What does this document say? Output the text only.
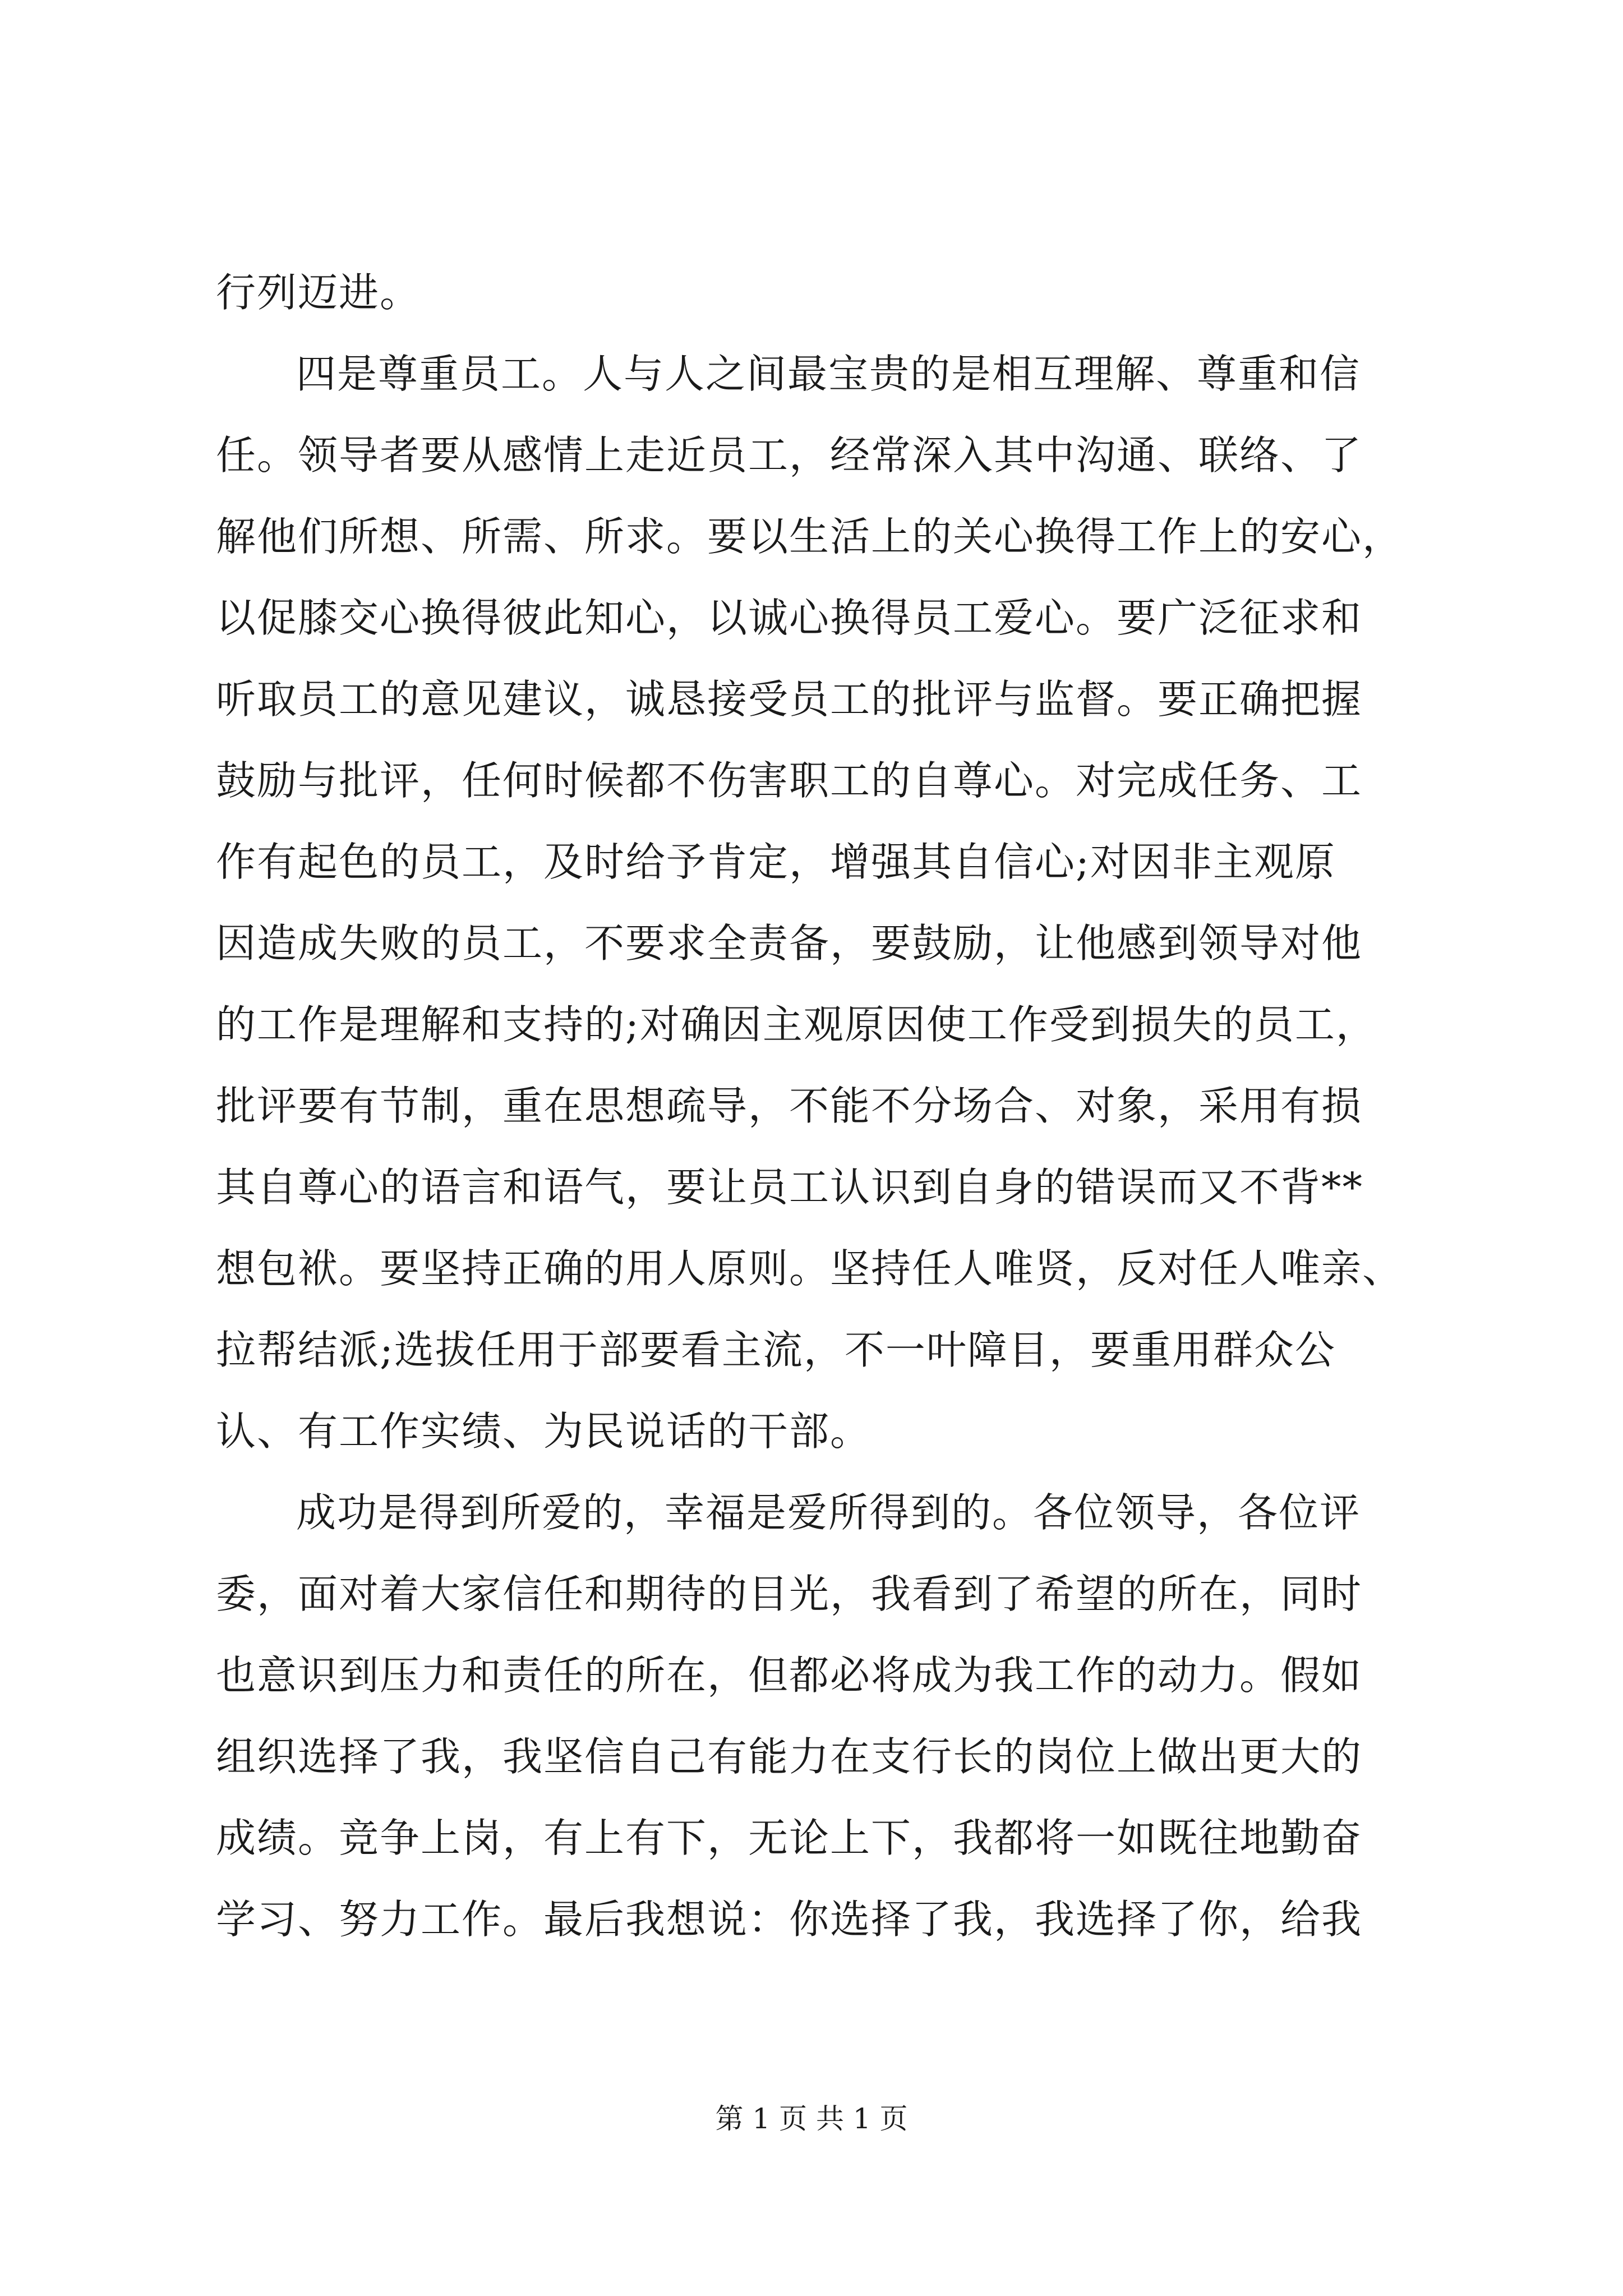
行列迈进。
四是尊重员工。人与人之间最宝贵的是相互理解、尊重和信
任。领导者要从感情上走近员工，经常深入其中沟通、联络、了
解他们所想、所需、所求。要以生活上的关心换得工作上的安心，
以促膝交心换得彼此知心，以诚心换得员工爱心。要广泛征求和
听取员工的意见建议，诚恳接受员工的批评与监督。要正确把握
鼓励与批评，任何时候都不伤害职工的自尊心。对完成任务、工
作有起色的员工，及时给予肯定，增强其自信心;对因非主观原
因造成失败的员工，不要求全责备，要鼓励，让他感到领导对他
的工作是理解和支持的;对确因主观原因使工作受到损失的员工，
批评要有节制，重在思想疏导，不能不分场合、对象，采用有损
其自尊心的语言和语气，要让员工认识到自身的错误而又不背**
想包袱。要坚持正确的用人原则。坚持任人唯贤，反对任人唯亲、
拉帮结派;选拔任用于部要看主流，不一叶障目，要重用群众公
认、有工作实绩、为民说话的干部。
成功是得到所爱的，幸福是爱所得到的。各位领导，各位评
委，面对着大家信任和期待的目光，我看到了希望的所在，同时
也意识到压力和责任的所在，但都必将成为我工作的动力。假如
组织选择了我，我坚信自己有能力在支行长的岗位上做出更大的
成绩。竞争上岗，有上有下，无论上下，我都将一如既往地勤奋
学习、努力工作。最后我想说：你选择了我，我选择了你，给我
第 1 页 共 1 页
